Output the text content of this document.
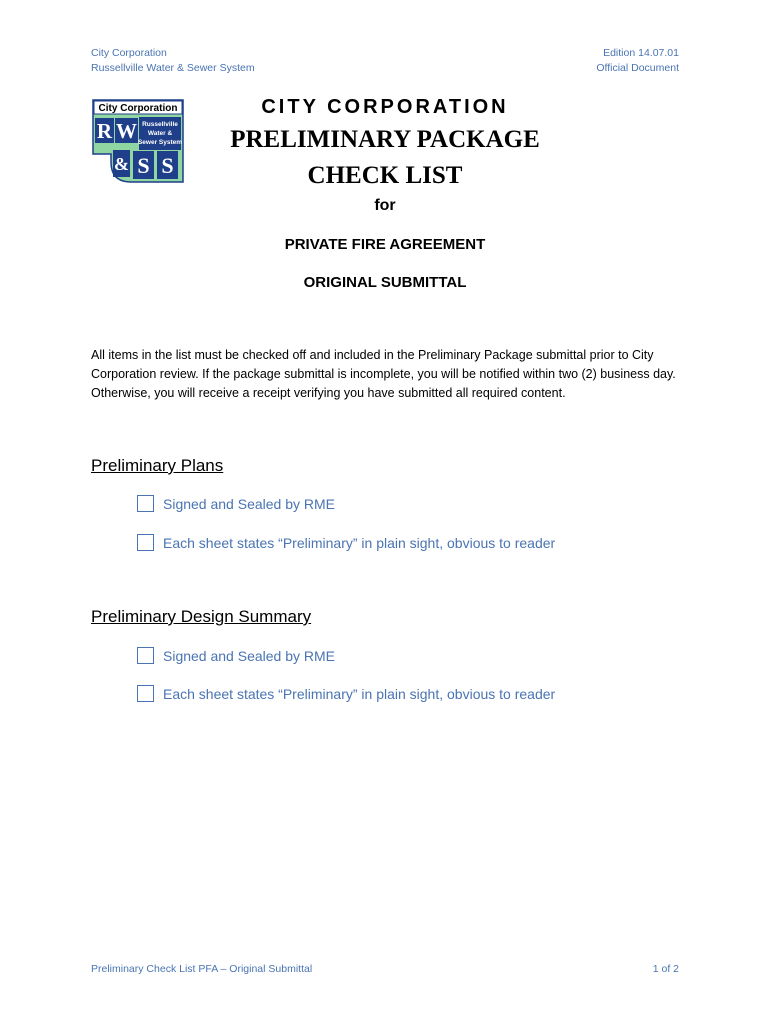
City Corporation
Russellville Water & Sewer System
Edition 14.07.01
Official Document
City Corporation
R W Russellville
Water &
Sewer System
& S S
CITY CORPORATION
PRELIMINARY PACKAGE
CHECK LIST
for
PRIVATE FIRE AGREEMENT
ORIGINAL SUBMITTAL
All items in the list must be checked off and included in the Preliminary Package submittal prior to City Corporation review. If the package submittal is incomplete, you will be notified within two (2) business day. Otherwise, you will receive a receipt verifying you have submitted all required content.
Preliminary Plans
Signed and Sealed by RME
Each sheet states “Preliminary” in plain sight, obvious to reader
Preliminary Design Summary
Signed and Sealed by RME
Each sheet states “Preliminary” in plain sight, obvious to reader
Preliminary Check List PFA – Original Submittal	1 of 2
